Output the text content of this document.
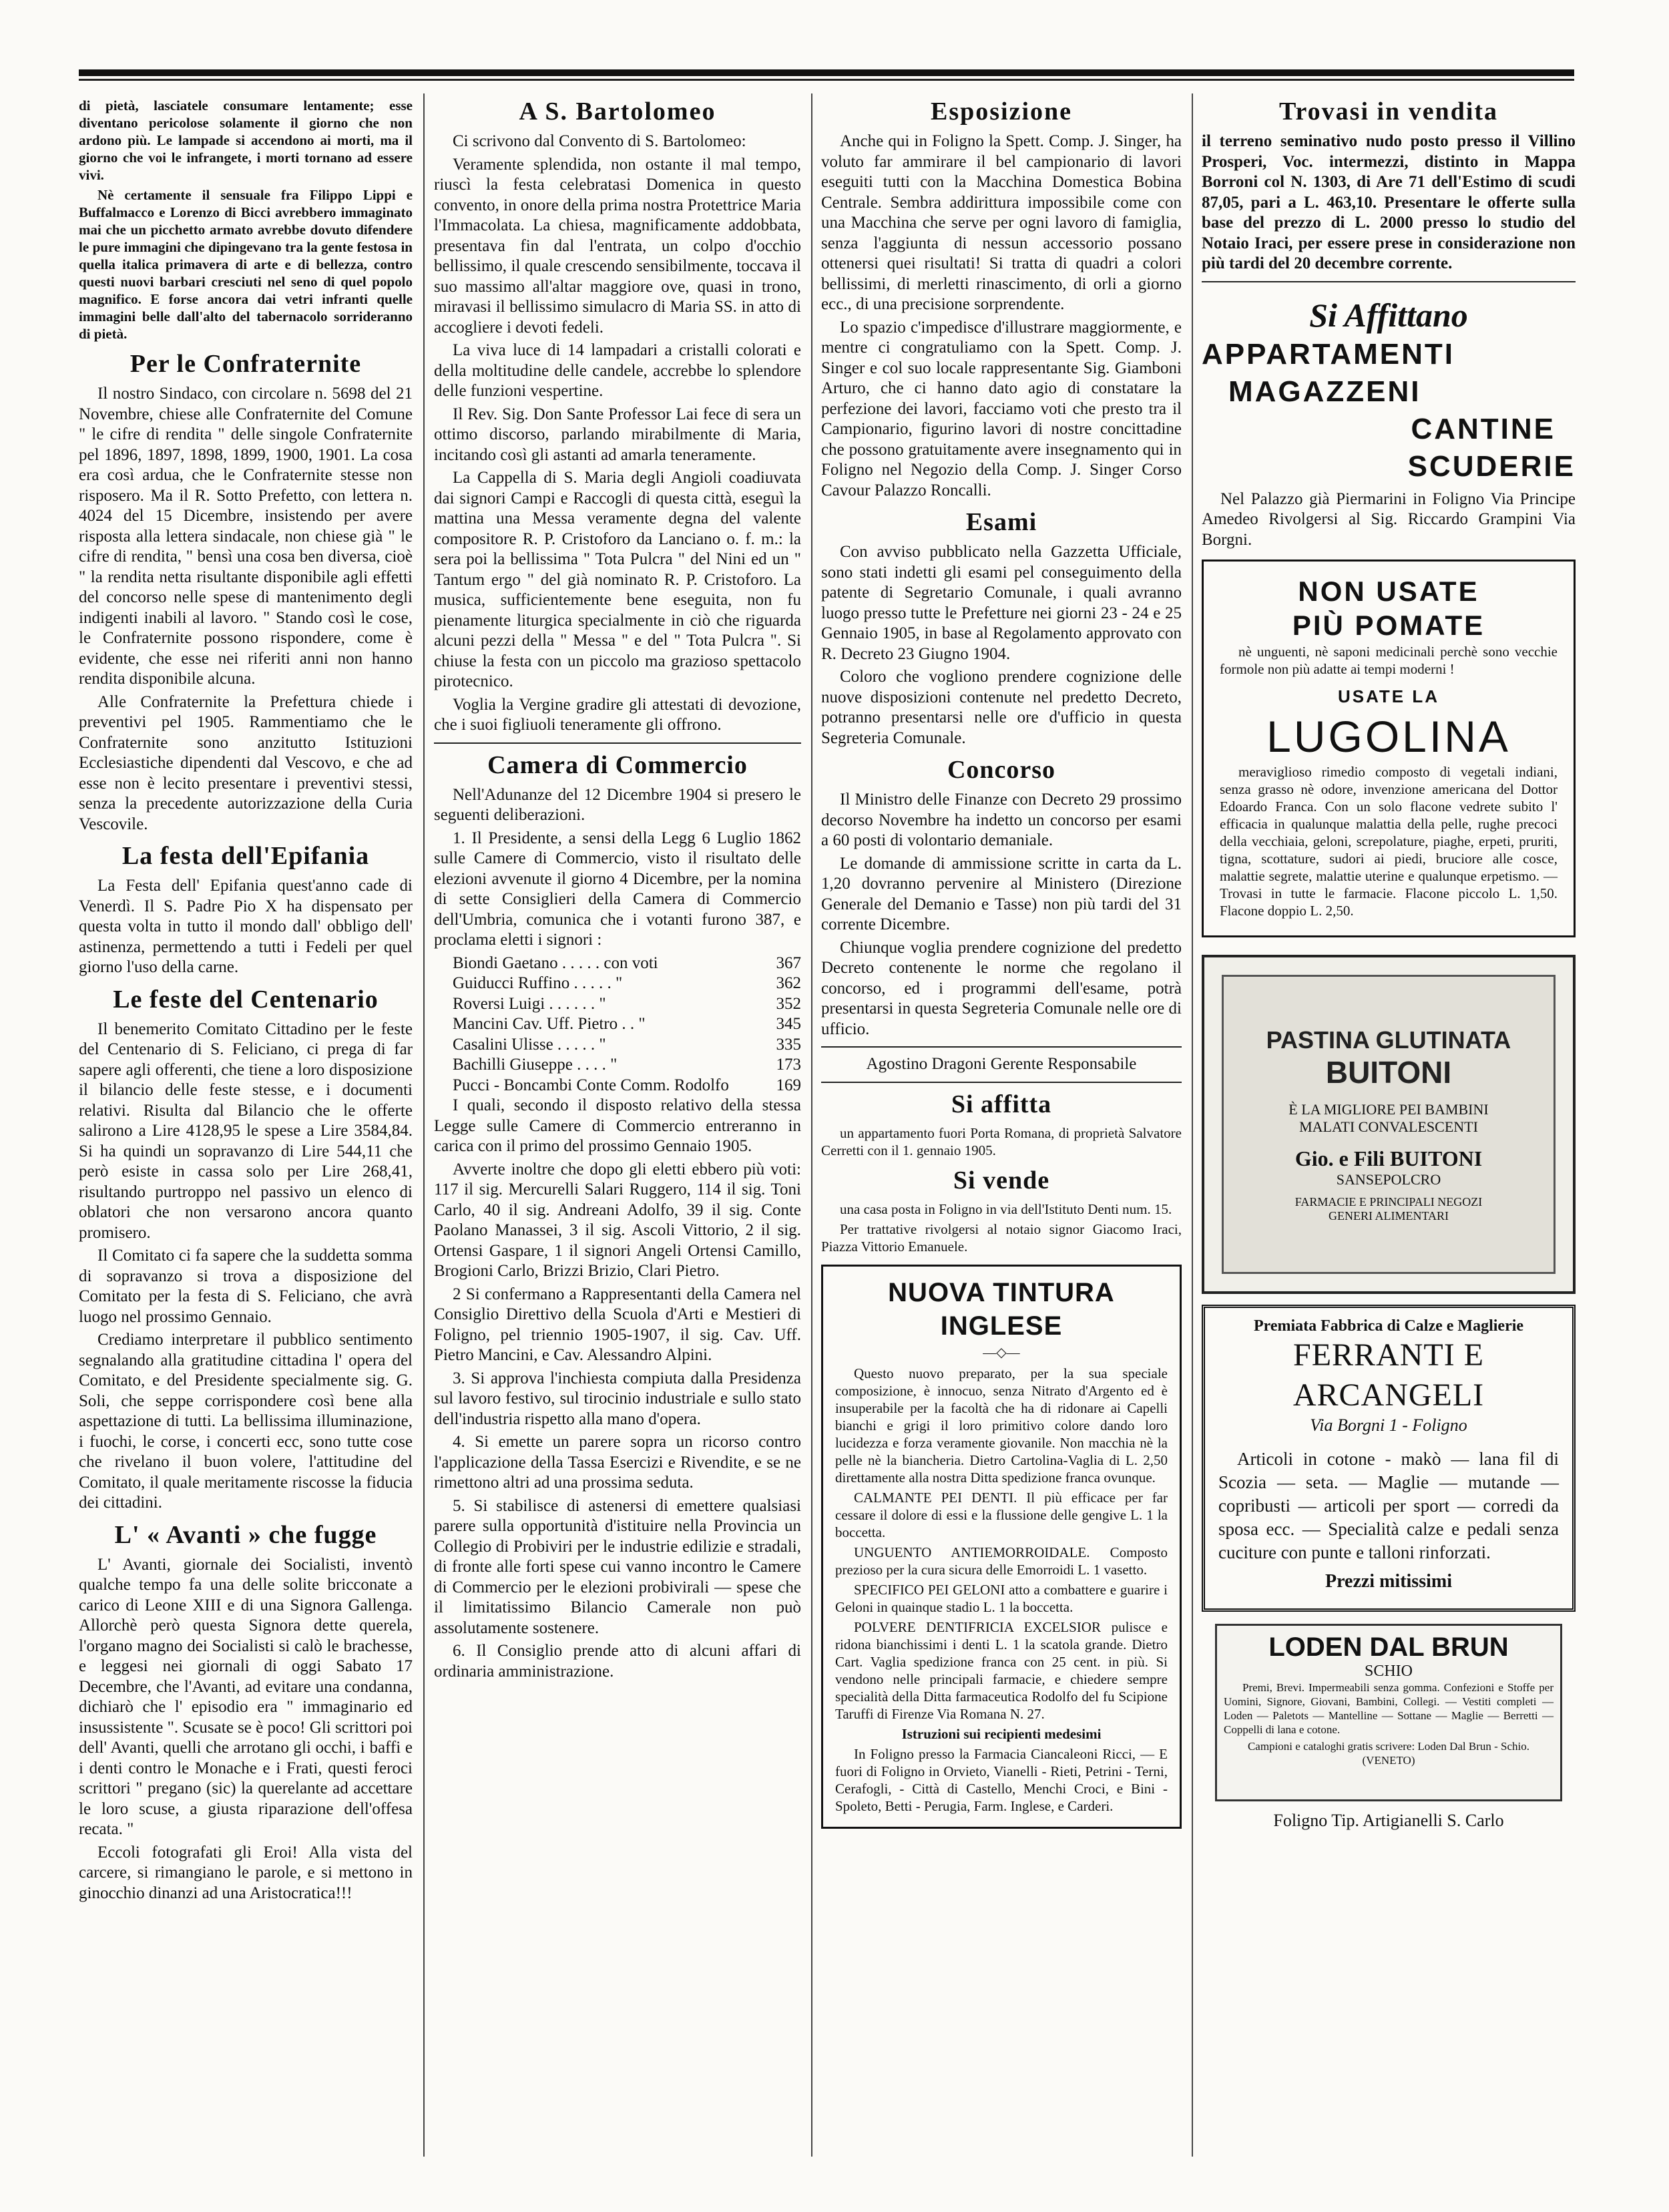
di pietà, lasciatele consumare lentamente; esse diventano pericolose solamente il giorno che non ardono più. Le lampade si accendono ai morti, ma il giorno che voi le infrangete, i morti tornano ad essere vivi.

Nè certamente il sensuale fra Filippo Lippi e Buffalmacco e Lorenzo di Bicci avrebbero immaginato mai che un picchetto armato avrebbe dovuto difendere le pure immagini che dipingevano tra la gente festosa in quella italica primavera di arte e di bellezza, contro questi nuovi barbari cresciuti nel seno di quel popolo magnifico. E forse ancora dai vetri infranti quelle immagini belle dall'alto del tabernacolo sorrideranno di pietà.

Per le Confraternite

Il nostro Sindaco, con circolare n. 5698 del 21 Novembre, chiese alle Confraternite del Comune " le cifre di rendita " delle singole Confraternite pel 1896, 1897, 1898, 1899, 1900, 1901. La cosa era così ardua, che le Confraternite stesse non risposero. Ma il R. Sotto Prefetto, con lettera n. 4024 del 15 Dicembre, insistendo per avere risposta alla lettera sindacale, non chiese già " le cifre di rendita, " bensì una cosa ben diversa, cioè " la rendita netta risultante disponibile agli effetti del concorso nelle spese di mantenimento degli indigenti inabili al lavoro. " Stando così le cose, le Confraternite possono rispondere, come è evidente, che esse nei riferiti anni non hanno rendita disponibile alcuna.

Alle Confraternite la Prefettura chiede i preventivi pel 1905. Rammentiamo che le Confraternite sono anzitutto Istituzioni Ecclesiastiche dipendenti dal Vescovo, e che ad esse non è lecito presentare i preventivi stessi, senza la precedente autorizzazione della Curia Vescovile.

La festa dell'Epifania

La Festa dell' Epifania quest'anno cade di Venerdì. Il S. Padre Pio X ha dispensato per questa volta in tutto il mondo dall' obbligo dell' astinenza, permettendo a tutti i Fedeli per quel giorno l'uso della carne.

Le feste del Centenario

Il benemerito Comitato Cittadino per le feste del Centenario di S. Feliciano, ci prega di far sapere agli offerenti, che tiene a loro disposizione il bilancio delle feste stesse, e i documenti relativi. Risulta dal Bilancio che le offerte salirono a Lire 4128,95 le spese a Lire 3584,84. Si ha quindi un sopravanzo di Lire 544,11 che però esiste in cassa solo per Lire 268,41, risultando purtroppo nel passivo un elenco di oblatori che non versarono ancora quanto promisero.

Il Comitato ci fa sapere che la suddetta somma di sopravanzo si trova a disposizione del Comitato per la festa di S. Feliciano, che avrà luogo nel prossimo Gennaio.

Crediamo interpretare il pubblico sentimento segnalando alla gratitudine cittadina l' opera del Comitato, e del Presidente specialmente sig. G. Soli, che seppe corrispondere così bene alla aspettazione di tutti. La bellissima illuminazione, i fuochi, le corse, i concerti ecc, sono tutte cose che rivelano il buon volere, l'attitudine del Comitato, il quale meritamente riscosse la fiducia dei cittadini.

L' « Avanti » che fugge

L' Avanti, giornale dei Socialisti, inventò qualche tempo fa una delle solite bricconate a carico di Leone XIII e di una Signora Gallenga. Allorchè però questa Signora dette querela, l'organo magno dei Socialisti si calò le brachesse, e leggesi nei giornali di oggi Sabato 17 Decembre, che l'Avanti, ad evitare una condanna, dichiarò che l' episodio era " immaginario ed insussistente ". Scusate se è poco! Gli scrittori poi dell' Avanti, quelli che arrotano gli occhi, i baffi e i denti contro le Monache e i Frati, questi feroci scrittori " pregano (sic) la querelante ad accettare le loro scuse, a giusta riparazione dell'offesa recata. "

Eccoli fotografati gli Eroi! Alla vista del carcere, si rimangiano le parole, e si mettono in ginocchio dinanzi ad una Aristocratica!!!

A S. Bartolomeo

Ci scrivono dal Convento di S. Bartolomeo:

Veramente splendida, non ostante il mal tempo, riuscì la festa celebratasi Domenica in questo convento, in onore della prima nostra Protettrice Maria l'Immacolata. La chiesa, magnificamente addobbata, presentava fin dal l'entrata, un colpo d'occhio bellissimo, il quale crescendo sensibilmente, toccava il suo massimo all'altar maggiore ove, quasi in trono, miravasi il bellissimo simulacro di Maria SS. in atto di accogliere i devoti fedeli.

La viva luce di 14 lampadari a cristalli colorati e della moltitudine delle candele, accrebbe lo splendore delle funzioni vespertine.

Il Rev. Sig. Don Sante Professor Lai fece di sera un ottimo discorso, parlando mirabilmente di Maria, incitando così gli astanti ad amarla teneramente.

La Cappella di S. Maria degli Angioli coadiuvata dai signori Campi e Raccogli di questa città, eseguì la mattina una Messa veramente degna del valente compositore R. P. Cristoforo da Lanciano o. f. m.: la sera poi la bellissima " Tota Pulcra " del Nini ed un " Tantum ergo " del già nominato R. P. Cristoforo. La musica, sufficientemente bene eseguita, non fu pienamente liturgica specialmente in ciò che riguarda alcuni pezzi della " Messa " e del " Tota Pulcra ". Si chiuse la festa con un piccolo ma grazioso spettacolo pirotecnico.

Voglia la Vergine gradire gli attestati di devozione, che i suoi figliuoli teneramente gli offrono.

Camera di Commercio

Nell'Adunanze del 12 Dicembre 1904 si presero le seguenti deliberazioni.

1. Il Presidente, a sensi della Legg 6 Luglio 1862 sulle Camere di Commercio, visto il risultato delle elezioni avvenute il giorno 4 Dicembre, per la nomina di sette Consiglieri della Camera di Commercio dell'Umbria, comunica che i votanti furono 387, e proclama eletti i signori :

Biondi Gaetano . . . . . con voti	367
Guiducci Ruffino . . . . . "	362
Roversi Luigi . . . . . . "	352
Mancini Cav. Uff. Pietro . . "	345
Casalini Ulisse . . . . . "	335
Bachilli Giuseppe . . . . "	173
Pucci - Boncambi Conte Comm. Rodolfo	169

I quali, secondo il disposto relativo della stessa Legge sulle Camere di Commercio entreranno in carica con il primo del prossimo Gennaio 1905.

Avverte inoltre che dopo gli eletti ebbero più voti: 117 il sig. Mercurelli Salari Ruggero, 114 il sig. Toni Carlo, 40 il sig. Andreani Adolfo, 39 il sig. Conte Paolano Manassei, 3 il sig. Ascoli Vittorio, 2 il sig. Ortensi Gaspare, 1 il signori Angeli Ortensi Camillo, Brogioni Carlo, Brizzi Brizio, Clari Pietro.

2 Si confermano a Rappresentanti della Camera nel Consiglio Direttivo della Scuola d'Arti e Mestieri di Foligno, pel triennio 1905-1907, il sig. Cav. Uff. Pietro Mancini, e Cav. Alessandro Alpini.

3. Si approva l'inchiesta compiuta dalla Presidenza sul lavoro festivo, sul tirocinio industriale e sullo stato dell'industria rispetto alla mano d'opera.

4. Si emette un parere sopra un ricorso contro l'applicazione della Tassa Esercizi e Rivendite, e se ne rimettono altri ad una prossima seduta.

5. Si stabilisce di astenersi di emettere qualsiasi parere sulla opportunità d'istituire nella Provincia un Collegio di Probiviri per le industrie edilizie e stradali, di fronte alle forti spese cui vanno incontro le Camere di Commercio per le elezioni probivirali — spese che il limitatissimo Bilancio Camerale non può assolutamente sostenere.

6. Il Consiglio prende atto di alcuni affari di ordinaria amministrazione.

Esposizione

Anche qui in Foligno la Spett. Comp. J. Singer, ha voluto far ammirare il bel campionario di lavori eseguiti tutti con la Macchina Domestica Bobina Centrale. Sembra addirittura impossibile come con una Macchina che serve per ogni lavoro di famiglia, senza l'aggiunta di nessun accessorio possano ottenersi quei risultati! Si tratta di quadri a colori bellissimi, di merletti rinascimento, di orli a giorno ecc., di una precisione sorprendente.

Lo spazio c'impedisce d'illustrare maggiormente, e mentre ci congratuliamo con la Spett. Comp. J. Singer e col suo locale rappresentante Sig. Giamboni Arturo, che ci hanno dato agio di constatare la perfezione dei lavori, facciamo voti che presto tra il Campionario, figurino lavori di nostre concittadine che possono gratuitamente avere insegnamento qui in Foligno nel Negozio della Comp. J. Singer Corso Cavour Palazzo Roncalli.

Esami

Con avviso pubblicato nella Gazzetta Ufficiale, sono stati indetti gli esami pel conseguimento della patente di Segretario Comunale, i quali avranno luogo presso tutte le Prefetture nei giorni 23 - 24 e 25 Gennaio 1905, in base al Regolamento approvato con R. Decreto 23 Giugno 1904.

Coloro che vogliono prendere cognizione delle nuove disposizioni contenute nel predetto Decreto, potranno presentarsi nelle ore d'ufficio in questa Segreteria Comunale.

Concorso

Il Ministro delle Finanze con Decreto 29 prossimo decorso Novembre ha indetto un concorso per esami a 60 posti di volontario demaniale.

Le domande di ammissione scritte in carta da L. 1,20 dovranno pervenire al Ministero (Direzione Generale del Demanio e Tasse) non più tardi del 31 corrente Dicembre.

Chiunque voglia prendere cognizione del predetto Decreto contenente le norme che regolano il concorso, ed i programmi dell'esame, potrà presentarsi in questa Segreteria Comunale nelle ore di ufficio.

Agostino Dragoni Gerente Responsabile

Si affitta

un appartamento fuori Porta Romana, di proprietà Salvatore Cerretti con il 1. gennaio 1905.

Si vende

una casa posta in Foligno in via dell'Istituto Denti num. 15.

Per trattative rivolgersi al notaio signor Giacomo Iraci, Piazza Vittorio Emanuele.

NUOVA TINTURA INGLESE
—◇—

Questo nuovo preparato, per la sua speciale composizione, è innocuo, senza Nitrato d'Argento ed è insuperabile per la facoltà che ha di ridonare ai Capelli bianchi e grigi il loro primitivo colore dando loro lucidezza e forza veramente giovanile. Non macchia nè la pelle nè la biancheria. Dietro Cartolina-Vaglia di L. 2,50 direttamente alla nostra Ditta spedizione franca ovunque.

CALMANTE PEI DENTI. Il più efficace per far cessare il dolore di essi e la flussione delle gengive L. 1 la boccetta.

UNGUENTO ANTIEMORROIDALE. Composto prezioso per la cura sicura delle Emorroidi L. 1 vasetto.

SPECIFICO PEI GELONI atto a combattere e guarire i Geloni in quainque stadio L. 1 la boccetta.

POLVERE DENTIFRICIA EXCELSIOR pulisce e ridona bianchissimi i denti L. 1 la scatola grande. Dietro Cart. Vaglia spedizione franca con 25 cent. in più. Si vendono nelle principali farmacie, e chiedere sempre specialità della Ditta farmaceutica Rodolfo del fu Scipione Taruffi di Firenze Via Romana N. 27.

Istruzioni sui recipienti medesimi

In Foligno presso la Farmacia Ciancaleoni Ricci, — E fuori di Foligno in Orvieto, Vianelli - Rieti, Petrini - Terni, Cerafogli, - Città di Castello, Menchi Croci, e Bini - Spoleto, Betti - Perugia, Farm. Inglese, e Carderi.

Trovasi in vendita

il terreno seminativo nudo posto presso il Villino Prosperi, Voc. intermezzi, distinto in Mappa Borroni col N. 1303, di Are 71 dell'Estimo di scudi 87,05, pari a L. 463,10. Presentare le offerte sulla base del prezzo di L. 2000 presso lo studio del Notaio Iraci, per essere prese in considerazione non più tardi del 20 decembre corrente.

Si Affittano
APPARTAMENTI
MAGAZZENI
CANTINE
SCUDERIE

Nel Palazzo già Piermarini in Foligno Via Principe Amedeo Rivolgersi al Sig. Riccardo Grampini Via Borgni.

NON USATE
PIÙ POMATE

nè unguenti, nè saponi medicinali perchè sono vecchie formole non più adatte ai tempi moderni !

USATE LA
LUGOLINA

meraviglioso rimedio composto di vegetali indiani, senza grasso nè odore, invenzione americana del Dottor Edoardo Franca. Con un solo flacone vedrete subito l' efficacia in qualunque malattia della pelle, rughe precoci della vecchiaia, geloni, screpolature, piaghe, erpeti, pruriti, tigna, scottature, sudori ai piedi, bruciore alle cosce, malattie segrete, malattie uterine e qualunque erpetismo. — Trovasi in tutte le farmacie. Flacone piccolo L. 1,50. Flacone doppio L. 2,50.

PASTINA GLUTINATA
BUITONI
È LA MIGLIORE PEI BAMBINI MALATI CONVALESCENTI
Gio. e Fili BUITONI
SANSEPOLCRO
FARMACIE E PRINCIPALI NEGOZI GENERI ALIMENTARI
Premiata Fabbrica di Calze e Maglierie
FERRANTI E ARCANGELI
Via Borgni 1 - Foligno

Articoli in cotone - makò — lana fil di Scozia — seta. — Maglie — mutande — copribusti — articoli per sport — corredi da sposa ecc. — Specialità calze e pedali senza cuciture con punte e talloni rinforzati.

Prezzi mitissimi
LODEN DAL BRUN
SCHIO

Premi, Brevi. Impermeabili senza gomma. Confezioni e Stoffe per Uomini, Signore, Giovani, Bambini, Collegi. — Vestiti completi — Loden — Paletots — Mantelline — Sottane — Maglie — Berretti — Coppelli di lana e cotone.

Campioni e cataloghi gratis scrivere: Loden Dal Brun - Schio. (VENETO)

Foligno Tip. Artigianelli S. Carlo
